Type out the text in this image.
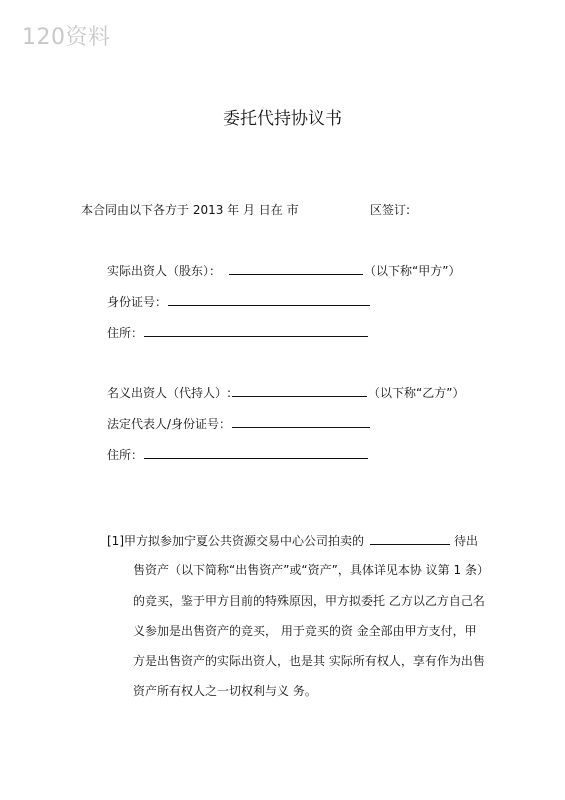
120资料
委托代持协议书
本合同由以下各方于 2013 年 月 日在 市	区签订:
实际出资人（股东）：	（以下称“甲方”）
身份证号：
住所：
名义出资人（代持人）:	（以下称“乙方”）
法定代表人/身份证号：
住所：
[1]甲方拟参加宁夏公共资源交易中心公司拍卖的	待出
售资产（以下简称“出售资产”或“资产”，具体详见本协 议第 1 条）
的竞买，鉴于甲方目前的特殊原因，甲方拟委托 乙方以乙方自己名
义参加是出售资产的竞买， 用于竞买的资 金全部由甲方支付，甲
方是出售资产的实际出资人，也是其 实际所有权人，享有作为出售
资产所有权人之一切权利与义 务。
